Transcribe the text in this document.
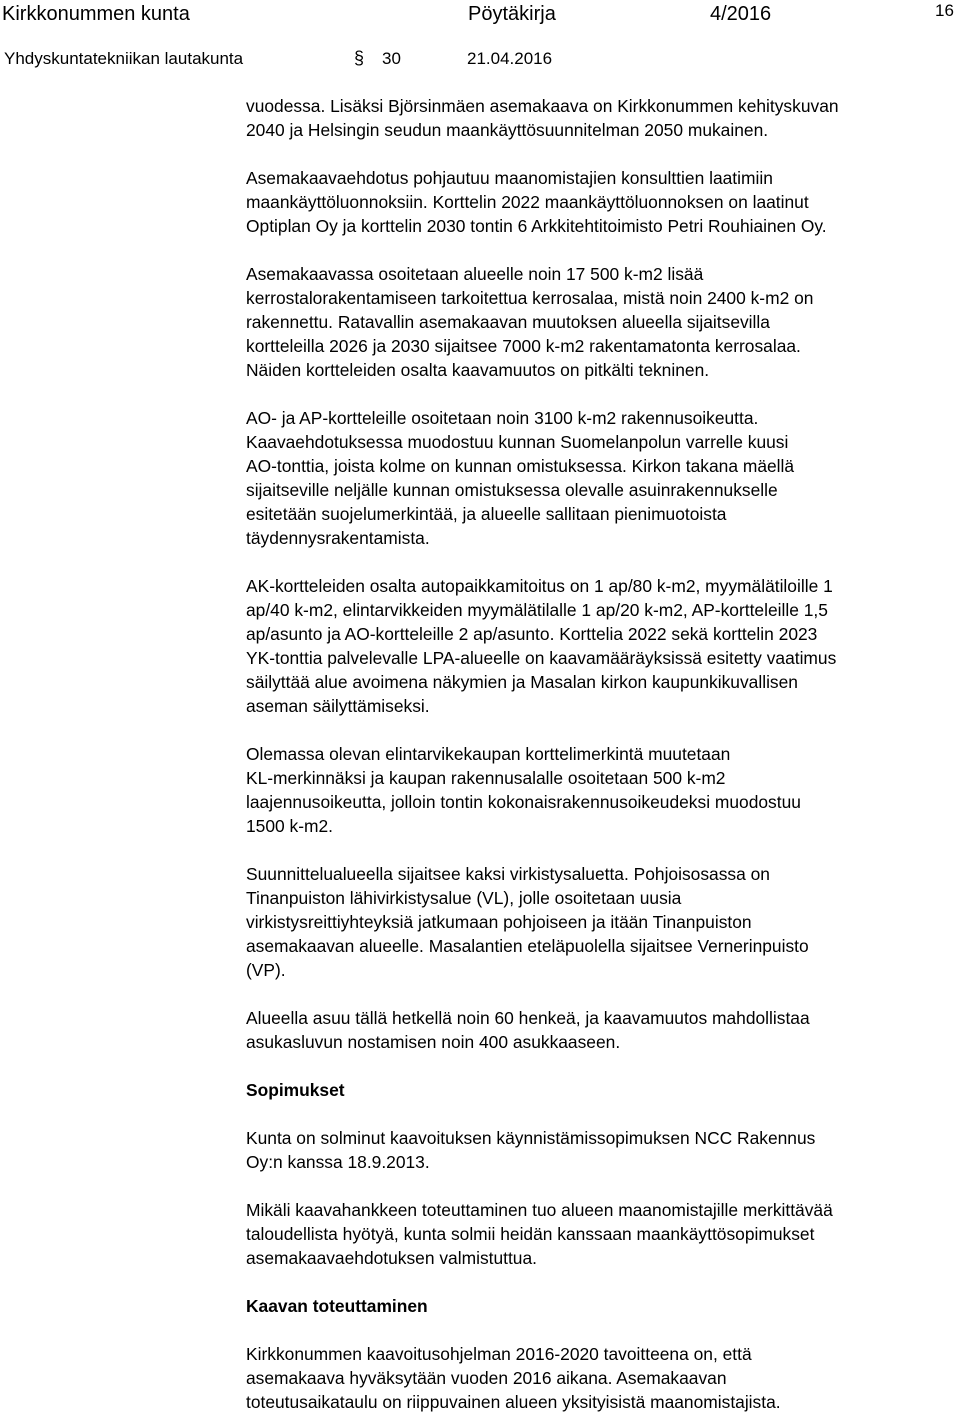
Kirkkonummen kunta	Pöytäkirja	4/2016	16
Yhdyskuntatekniikan lautakunta	§ 30	21.04.2016

vuodessa. Lisäksi Björsinmäen asemakaava on Kirkkonummen kehityskuvan
2040 ja Helsingin seudun maankäyttösuunnitelman 2050 mukainen.

Asemakaavaehdotus pohjautuu maanomistajien konsulttien laatimiin
maankäyttöluonnoksiin. Korttelin 2022 maankäyttöluonnoksen on laatinut
Optiplan Oy ja korttelin 2030 tontin 6 Arkkitehtitoimisto Petri Rouhiainen Oy.

Asemakaavassa osoitetaan alueelle noin 17 500 k-m2 lisää
kerrostalorakentamiseen tarkoitettua kerrosalaa, mistä noin 2400 k-m2 on
rakennettu. Ratavallin asemakaavan muutoksen alueella sijaitsevilla
kortteleilla 2026 ja 2030 sijaitsee 7000 k-m2 rakentamatonta kerrosalaa.
Näiden kortteleiden osalta kaavamuutos on pitkälti tekninen.

AO- ja AP-kortteleille osoitetaan noin 3100 k-m2 rakennusoikeutta.
Kaavaehdotuksessa muodostuu kunnan Suomelanpolun varrelle kuusi
AO-tonttia, joista kolme on kunnan omistuksessa. Kirkon takana mäellä
sijaitseville neljälle kunnan omistuksessa olevalle asuinrakennukselle
esitetään suojelumerkintää, ja alueelle sallitaan pienimuotoista
täydennysrakentamista.

AK-kortteleiden osalta autopaikkamitoitus on 1 ap/80 k-m2, myymälätiloille 1
ap/40 k-m2, elintarvikkeiden myymälätilalle 1 ap/20 k-m2, AP-kortteleille 1,5
ap/asunto ja AO-kortteleille 2 ap/asunto. Korttelia 2022 sekä korttelin 2023
YK-tonttia palvelevalle LPA-alueelle on kaavamääräyksissä esitetty vaatimus
säilyttää alue avoimena näkymien ja Masalan kirkon kaupunkikuvallisen
aseman säilyttämiseksi.

Olemassa olevan elintarvikekaupan korttelimerkintä muutetaan
KL-merkinnäksi ja kaupan rakennusalalle osoitetaan 500 k-m2
laajennusoikeutta, jolloin tontin kokonaisrakennusoikeudeksi muodostuu
1500 k-m2.

Suunnittelualueella sijaitsee kaksi virkistysaluetta. Pohjoisosassa on
Tinanpuiston lähivirkistysalue (VL), jolle osoitetaan uusia
virkistysreittiyhteyksiä jatkumaan pohjoiseen ja itään Tinanpuiston
asemakaavan alueelle. Masalantien eteläpuolella sijaitsee Vernerinpuisto
(VP).

Alueella asuu tällä hetkellä noin 60 henkeä, ja kaavamuutos mahdollistaa
asukasluvun nostamisen noin 400 asukkaaseen.

Sopimukset

Kunta on solminut kaavoituksen käynnistämissopimuksen NCC Rakennus
Oy:n kanssa 18.9.2013.

Mikäli kaavahankkeen toteuttaminen tuo alueen maanomistajille merkittävää
taloudellista hyötyä, kunta solmii heidän kanssaan maankäyttösopimukset
asemakaavaehdotuksen valmistuttua.

Kaavan toteuttaminen

Kirkkonummen kaavoitusohjelman 2016-2020 tavoitteena on, että
asemakaava hyväksytään vuoden 2016 aikana. Asemakaavan
toteutusaikataulu on riippuvainen alueen yksityisistä maanomistajista.
